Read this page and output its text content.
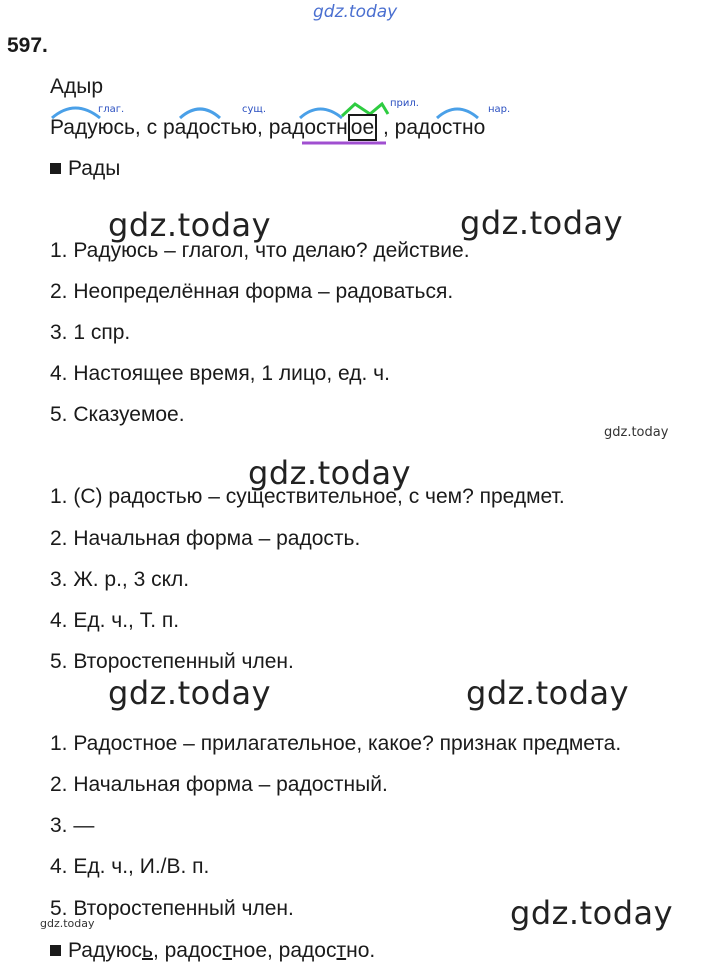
gdz.today
597.
Адыр
глаг.	сущ.
прил.
нар.
Радуюсь, с радостью, радостн ое , радостно
Рады
gdz.today	gdz.today
1. Радуюсь – глагол, что делаю? действие.
2. Неопределённая форма – радоваться.
3. 1 спр.
4. Настоящее время, 1 лицо, ед. ч.
5. Сказуемое.
gdz.today
gdz.today
1. (С) радостью – существительное, с чем? предмет.
2. Начальная форма – радость.
3. Ж. р., 3 скл.
4. Ед. ч., Т. п.
5. Второстепенный член.
gdz.today	gdz.today
1. Радостное – прилагательное, какое? признак предмета.
2. Начальная форма – радостный.
3. —
4. Ед. ч., И./В. п.
5. Второстепенный член.
gdz.today	gdz.today
Радуюсь, радостное, радостно.
